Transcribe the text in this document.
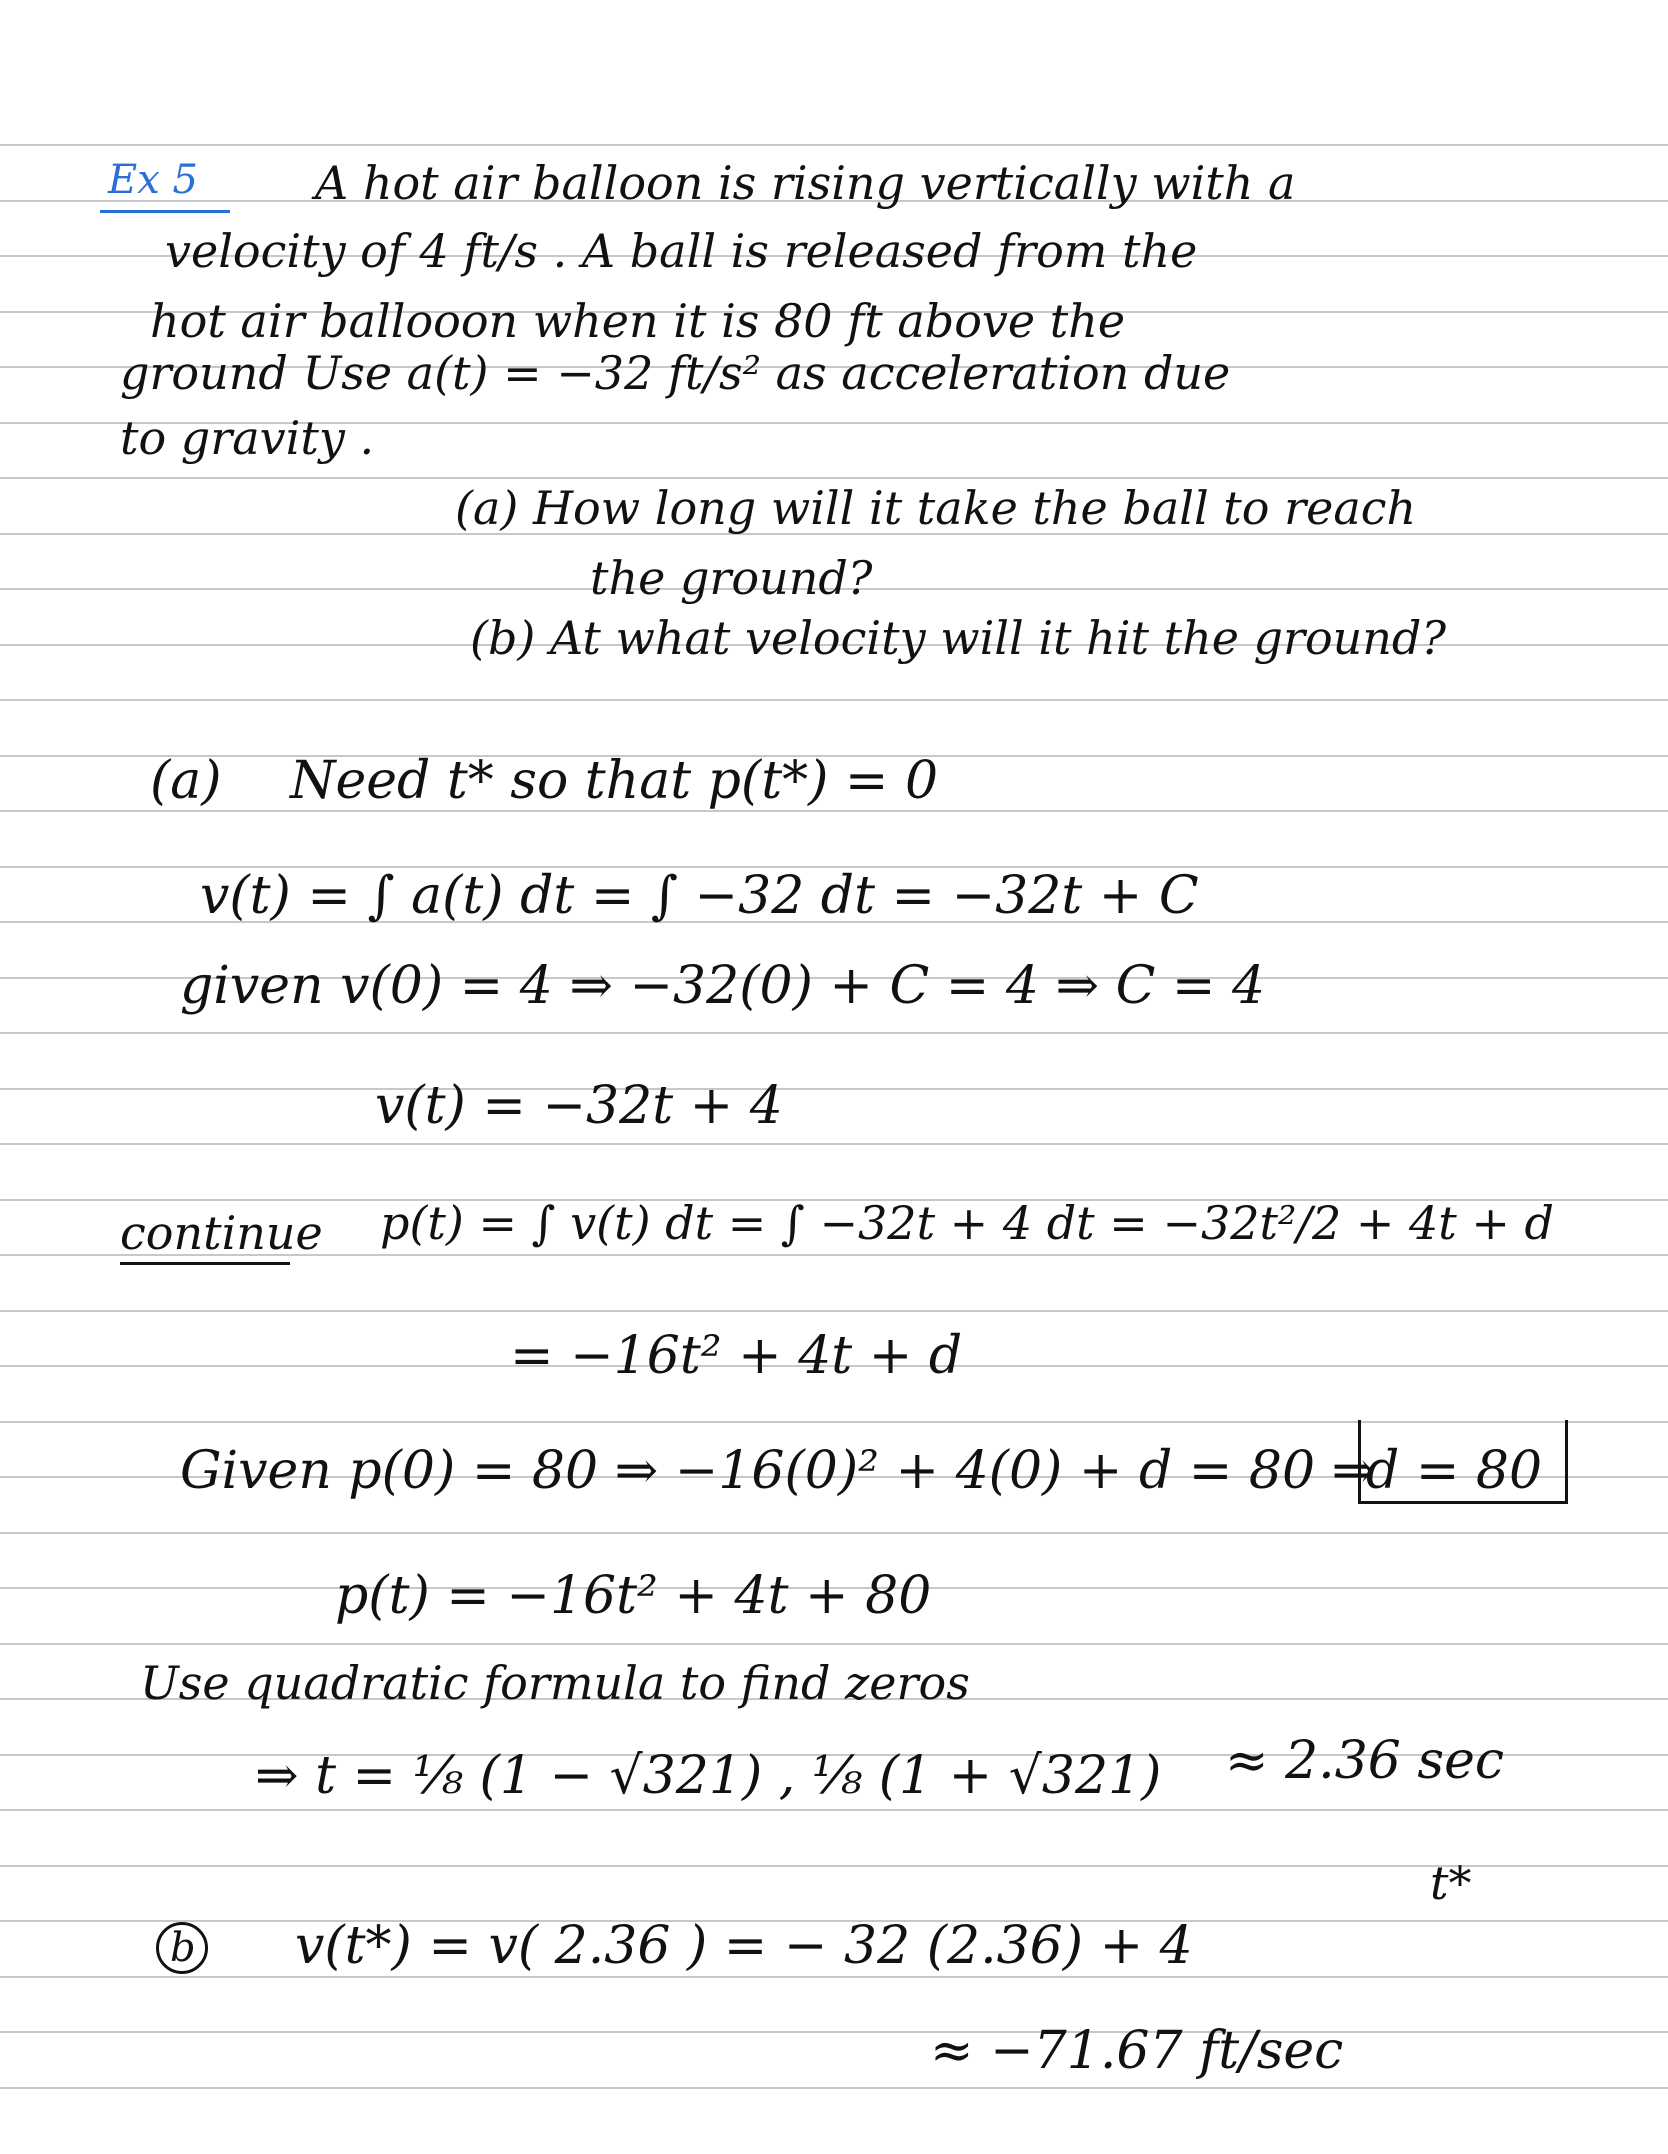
Ex 5	A hot air balloon is rising vertically with a
velocity of 4 ft/s . A ball is released from the
hot air ballooon when it is 80 ft above the
ground Use a(t) = −32 ft/s² as acceleration due
to gravity .
(a) How long will it take the ball to reach
the ground?
(b) At what velocity will it hit the ground?
(a) Need t* so that p(t*) = 0
v(t) = ∫ a(t) dt = ∫ −32 dt = −32t + C
given v(0) = 4 ⇒ −32(0) + C = 4 ⇒ C = 4
v(t) = −32t + 4
continue p(t) = ∫ v(t) dt = ∫ −32t + 4 dt = −32t²/2 + 4t + d
= −16t² + 4t + d
Given p(0) = 80 ⇒ −16(0)² + 4(0) + d = 80 ⇒
d = 80
p(t) = −16t² + 4t + 80
Use quadratic formula to find zeros
⇒ t = ⅛ (1 − √321) , ⅛ (1 + √321) ≈ 2.36 sec
t*
b v(t*) = v( 2.36 ) = − 32 (2.36) + 4
≈ −71.67 ft/sec
